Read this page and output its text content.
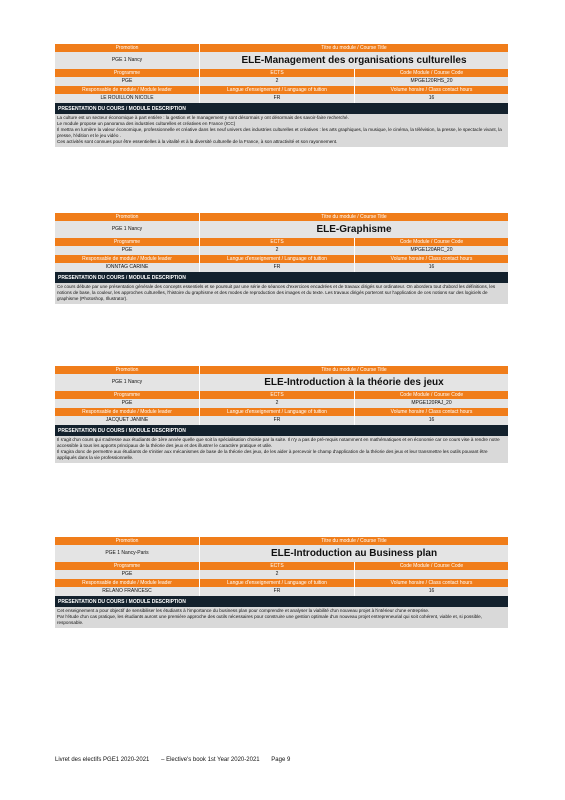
Promotion	Titre du module / Course Title
PGE 1 Nancy	ELE-Management des organisations culturelles
Programme	ECTS	Code Module / Course Code
PGE	2	MPGE120RHS_20
Responsable de module / Module leader	Langue d'enseignement / Language of tuition	Volume horaire / Class contact hours
LE ROUILLON NICOLE	FR	16
PRESENTATION DU COURS / MODULE DESCRIPTION

La culture est un secteur économique à part entière : la gestion et le management y sont désormais y ont désormais des savoir-faire recherché.

Le module propose un panorama des industries culturelles et créatives en France (ICC)

Il mettra en lumière la valeur économique, professionnelle et créative dans les neuf univers des industries culturelles et créatives : les arts graphiques, la musique, le cinéma, la télévision, la presse, le spectacle vivant, la presse, l'édition et le jeu vidéo .

Ces activités sont connues pour être essentielles à la vitalité et à la diversité culturelle de la France, à son attractivité et son rayonnement.

Promotion	Titre du module / Course Title
PGE 1 Nancy	ELE-Graphisme
Programme	ECTS	Code Module / Course Code
PGE	2	MPGE120ARC_20
Responsable de module / Module leader	Langue d'enseignement / Language of tuition	Volume horaire / Class contact hours
IONNTAG CARINE	FR	16
PRESENTATION DU COURS / MODULE DESCRIPTION

Ce cours débute par une présentation générale des concepts essentiels et se poursuit par une série de séances d'exercices encadrées et de travaux dirigés sur ordinateur. On abordera tout d'abord les définitions, les notions de base, la couleur, les approches culturelles, l'histoire du graphisme et des modes de reproduction des images et du texte. Les travaux dirigés porteront sur l'application de ces notions sur des logiciels de graphisme (Photoshop, Illustrator).

Promotion	Titre du module / Course Title
PGE 1 Nancy	ELE-Introduction à la théorie des jeux
Programme	ECTS	Code Module / Course Code
PGE	2	MPGE120PAJ_20
Responsable de module / Module leader	Langue d'enseignement / Language of tuition	Volume horaire / Class contact hours
JACQUET JANINE	FR	16
PRESENTATION DU COURS / MODULE DESCRIPTION

Il s'agit d'un cours qui s'adresse aux étudiants de 1ère année quelle que soit la spécialisation choisie par la suite. Il n'y a pas de pré-requis notamment en mathématiques et en économie car ce cours vise à rendre notre accessible à tous les apports principaux de la théorie des jeux et des illustrer le caractère pratique et utile.

Il s'agira donc de permettre aux étudiants de s'initier aux mécanismes de base de la théorie des jeux, de les aider à percevoir le champ d'application de la théorie des jeux et leur transmettre les outils pouvant être appliqués dans la vie professionnelle.

Promotion	Titre du module / Course Title
PGE 1 Nancy-Paris	ELE-Introduction au Business plan
Programme	ECTS	Code Module / Course Code
PGE	2
Responsable de module / Module leader	Langue d'enseignement / Language of tuition	Volume horaire / Class contact hours
RELANO FRANCESC	FR	16
PRESENTATION DU COURS / MODULE DESCRIPTION

Cet enseignement a pour objectif de sensibiliser les étudiants à l'importance du business plan pour comprendre et analyser la viabilité d'un nouveau projet à l'intérieur d'une entreprise.

Par l'étude d'un cas pratique, les étudiants auront une première approche des outils nécessaires pour construire une gestion optimale d'un nouveau projet entrepreneurial qui soit cohérent, viable et, si possible, responsable.

Livret des electifs PGE1 2020-2021 – Elective's book 1st Year 2020-2021 Page 9
